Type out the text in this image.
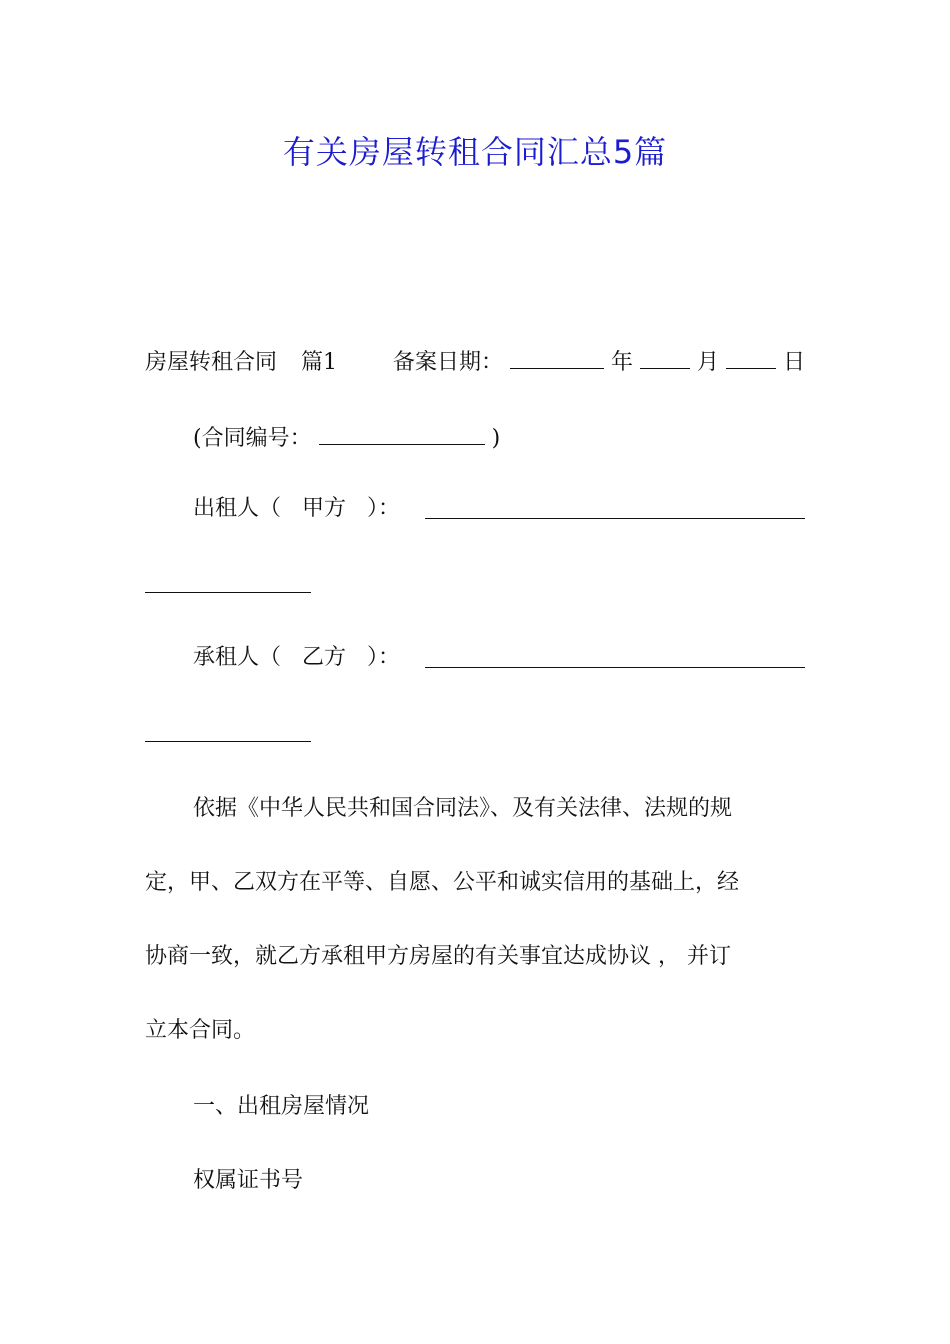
有关房屋转租合同汇总5篇
房屋转租合同 篇1	备案日期：	年	月	日
(合同编号：	)
出租人（ 甲方 ）：
承租人（ 乙方 ）：
依据《中华人民共和国合同法》、及有关法律、法规的规
定，甲、乙双方在平等、自愿、公平和诚实信用的基础上，经
协商一致，就乙方承租甲方房屋的有关事宜达成协议 ， 并订
立本合同。
一、出租房屋情况
权属证书号
